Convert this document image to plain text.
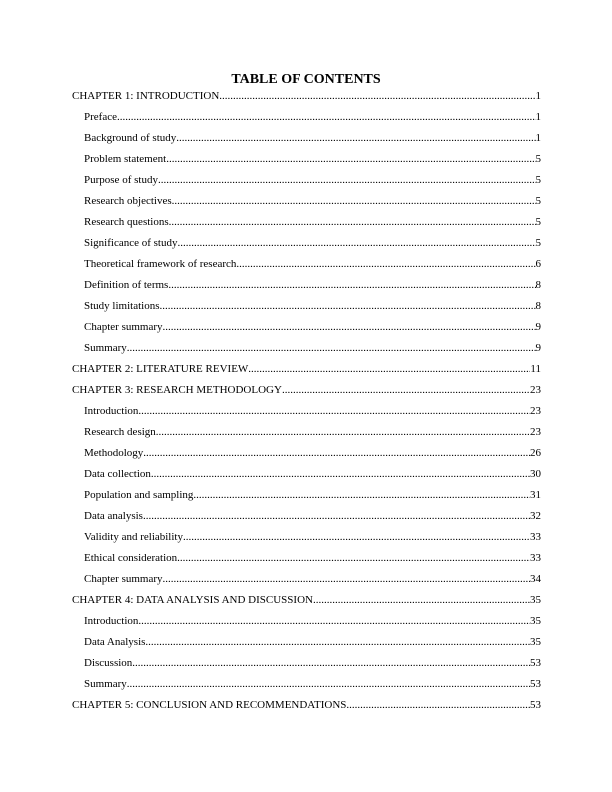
TABLE OF CONTENTS
CHAPTER 1: INTRODUCTION .....	1
Preface .....	1
Background of study .....	1
Problem statement .....	5
Purpose of study .....	5
Research objectives .....	5
Research questions .....	5
Significance of study .....	5
Theoretical framework of research .....	6
Definition of terms .....	8
Study limitations .....	8
Chapter summary .....	9
Summary .....	9
CHAPTER 2: LITERATURE REVIEW .....	11
CHAPTER 3: RESEARCH METHODOLOGY .....	23
Introduction .....	23
Research design .....	23
Methodology .....	26
Data collection .....	30
Population and sampling .....	31
Data analysis .....	32
Validity and reliability .....	33
Ethical consideration .....	33
Chapter summary .....	34
CHAPTER 4: DATA ANALYSIS AND DISCUSSION .....	35
Introduction .....	35
Data Analysis .....	35
Discussion .....	53
Summary .....	53
CHAPTER 5: CONCLUSION AND RECOMMENDATIONS .....	53
